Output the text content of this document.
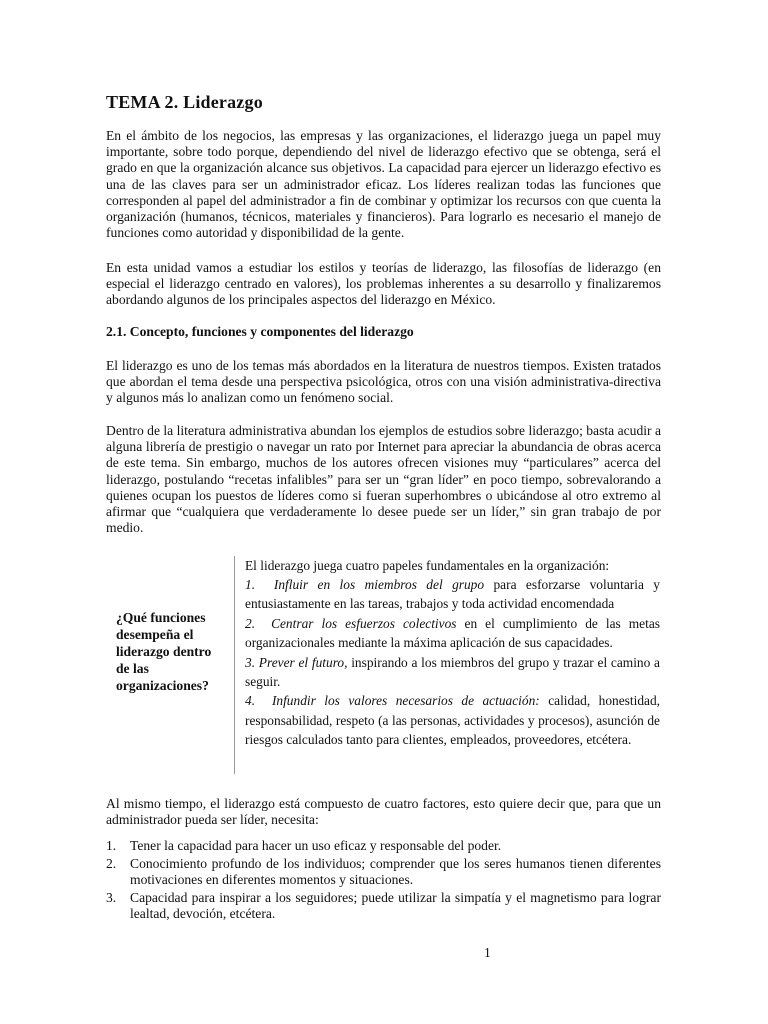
TEMA 2. Liderazgo

En el ámbito de los negocios, las empresas y las organizaciones, el liderazgo juega un papel muy importante, sobre todo porque, dependiendo del nivel de liderazgo efectivo que se obtenga, será el grado en que la organización alcance sus objetivos. La capacidad para ejercer un liderazgo efectivo es una de las claves para ser un administrador eficaz. Los líderes realizan todas las funciones que corresponden al papel del administrador a fin de combinar y optimizar los recursos con que cuenta la organización (humanos, técnicos, materiales y financieros). Para lograrlo es necesario el manejo de funciones como autoridad y disponibilidad de la gente.

En esta unidad vamos a estudiar los estilos y teorías de liderazgo, las filosofías de liderazgo (en especial el liderazgo centrado en valores), los problemas inherentes a su desarrollo y finalizaremos abordando algunos de los principales aspectos del liderazgo en México.

2.1. Concepto, funciones y componentes del liderazgo

El liderazgo es uno de los temas más abordados en la literatura de nuestros tiempos. Existen tratados que abordan el tema desde una perspectiva psicológica, otros con una visión administrativa-directiva y algunos más lo analizan como un fenómeno social.

Dentro de la literatura administrativa abundan los ejemplos de estudios sobre liderazgo; basta acudir a alguna librería de prestigio o navegar un rato por Internet para apreciar la abundancia de obras acerca de este tema. Sin embargo, muchos de los autores ofrecen visiones muy “particulares” acerca del liderazgo, postulando “recetas infalibles” para ser un “gran líder” en poco tiempo, sobrevalorando a quienes ocupan los puestos de líderes como si fueran superhombres o ubicándose al otro extremo al afirmar que “cualquiera que verdaderamente lo desee puede ser un líder,” sin gran trabajo de por medio.

¿Qué funciones desempeña el liderazgo dentro de las organizaciones?

El liderazgo juega cuatro papeles fundamentales en la organización:

1. Influir en los miembros del grupo para esforzarse voluntaria y entusiastamente en las tareas, trabajos y toda actividad encomendada

2. Centrar los esfuerzos colectivos en el cumplimiento de las metas organizacionales mediante la máxima aplicación de sus capacidades.

3. Prever el futuro, inspirando a los miembros del grupo y trazar el camino a seguir.

4. Infundir los valores necesarios de actuación: calidad, honestidad, responsabilidad, respeto (a las personas, actividades y procesos), asunción de riesgos calculados tanto para clientes, empleados, proveedores, etcétera.

Al mismo tiempo, el liderazgo está compuesto de cuatro factores, esto quiere decir que, para que un administrador pueda ser líder, necesita:

1. Tener la capacidad para hacer un uso eficaz y responsable del poder.
2. Conocimiento profundo de los individuos; comprender que los seres humanos tienen diferentes motivaciones en diferentes momentos y situaciones.
3. Capacidad para inspirar a los seguidores; puede utilizar la simpatía y el magnetismo para lograr lealtad, devoción, etcétera.
1
